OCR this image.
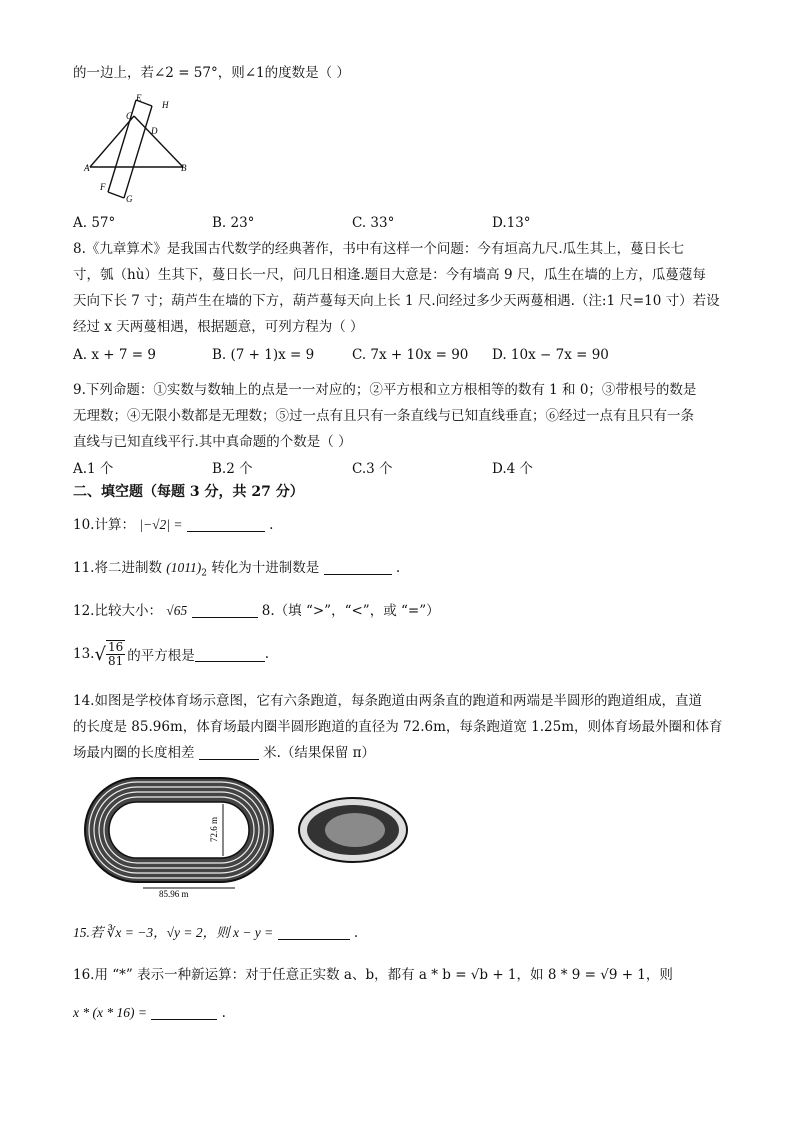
的一边上，若∠2 = 57°，则∠1的度数是（ ）
E
H
C
D
A	B
F
G
A. 57°	B. 23°	C. 33°	D.13°
8.《九章算术》是我国古代数学的经典著作，书中有这样一个问题：今有垣高九尺.瓜生其上，蔓日长七
寸，瓠（hù）生其下，蔓日长一尺，问几日相逢.题目大意是：今有墙高 9 尺，瓜生在墙的上方，瓜蔓蔻每
天向下长 7 寸；葫芦生在墙的下方，葫芦蔓每天向上长 1 尺.问经过多少天两蔓相遇.（注:1 尺=10 寸）若设
经过 x 天两蔓相遇，根据题意，可列方程为（ ）
A. x + 7 = 9	B. (7 + 1)x = 9	C. 7x + 10x = 90 D. 10x − 7x = 90
9.下列命题：①实数与数轴上的点是一一对应的；②平方根和立方根相等的数有 1 和 0；③带根号的数是
无理数；④无限小数都是无理数；⑤过一点有且只有一条直线与已知直线垂直；⑥经过一点有且只有一条
直线与已知直线平行.其中真命题的个数是（ ）
A.1 个	B.2 个	C.3 个	D.4 个
二、填空题（每题 3 分，共 27 分）
10.计算： |−√2| =	.
11.将二进制数 $(1011)_2$ 转化为十进制数是	.
12.比较大小： √65	8.（填 “>”，“<”，或 “=”）
13. √ $\frac{16}{81}$ 的平方根是	.
14.如图是学校体育场示意图，它有六条跑道，每条跑道由两条直的跑道和两端是半圆形的跑道组成，直道
的长度是 85.96m，体育场最内圈半圆形跑道的直径为 72.6m，每条跑道宽 1.25m，则体育场最外圈和体育
场最内圈的长度相差	米.（结果保留 π）
72.6 m
85.96 m
15.若 ∛x = −3，√y = 2，则 x − y =	.
16.用 “*” 表示一种新运算：对于任意正实数 a、b，都有 a * b = √b + 1，如 8 * 9 = √9 + 1，则
x * (x * 16) =	.
